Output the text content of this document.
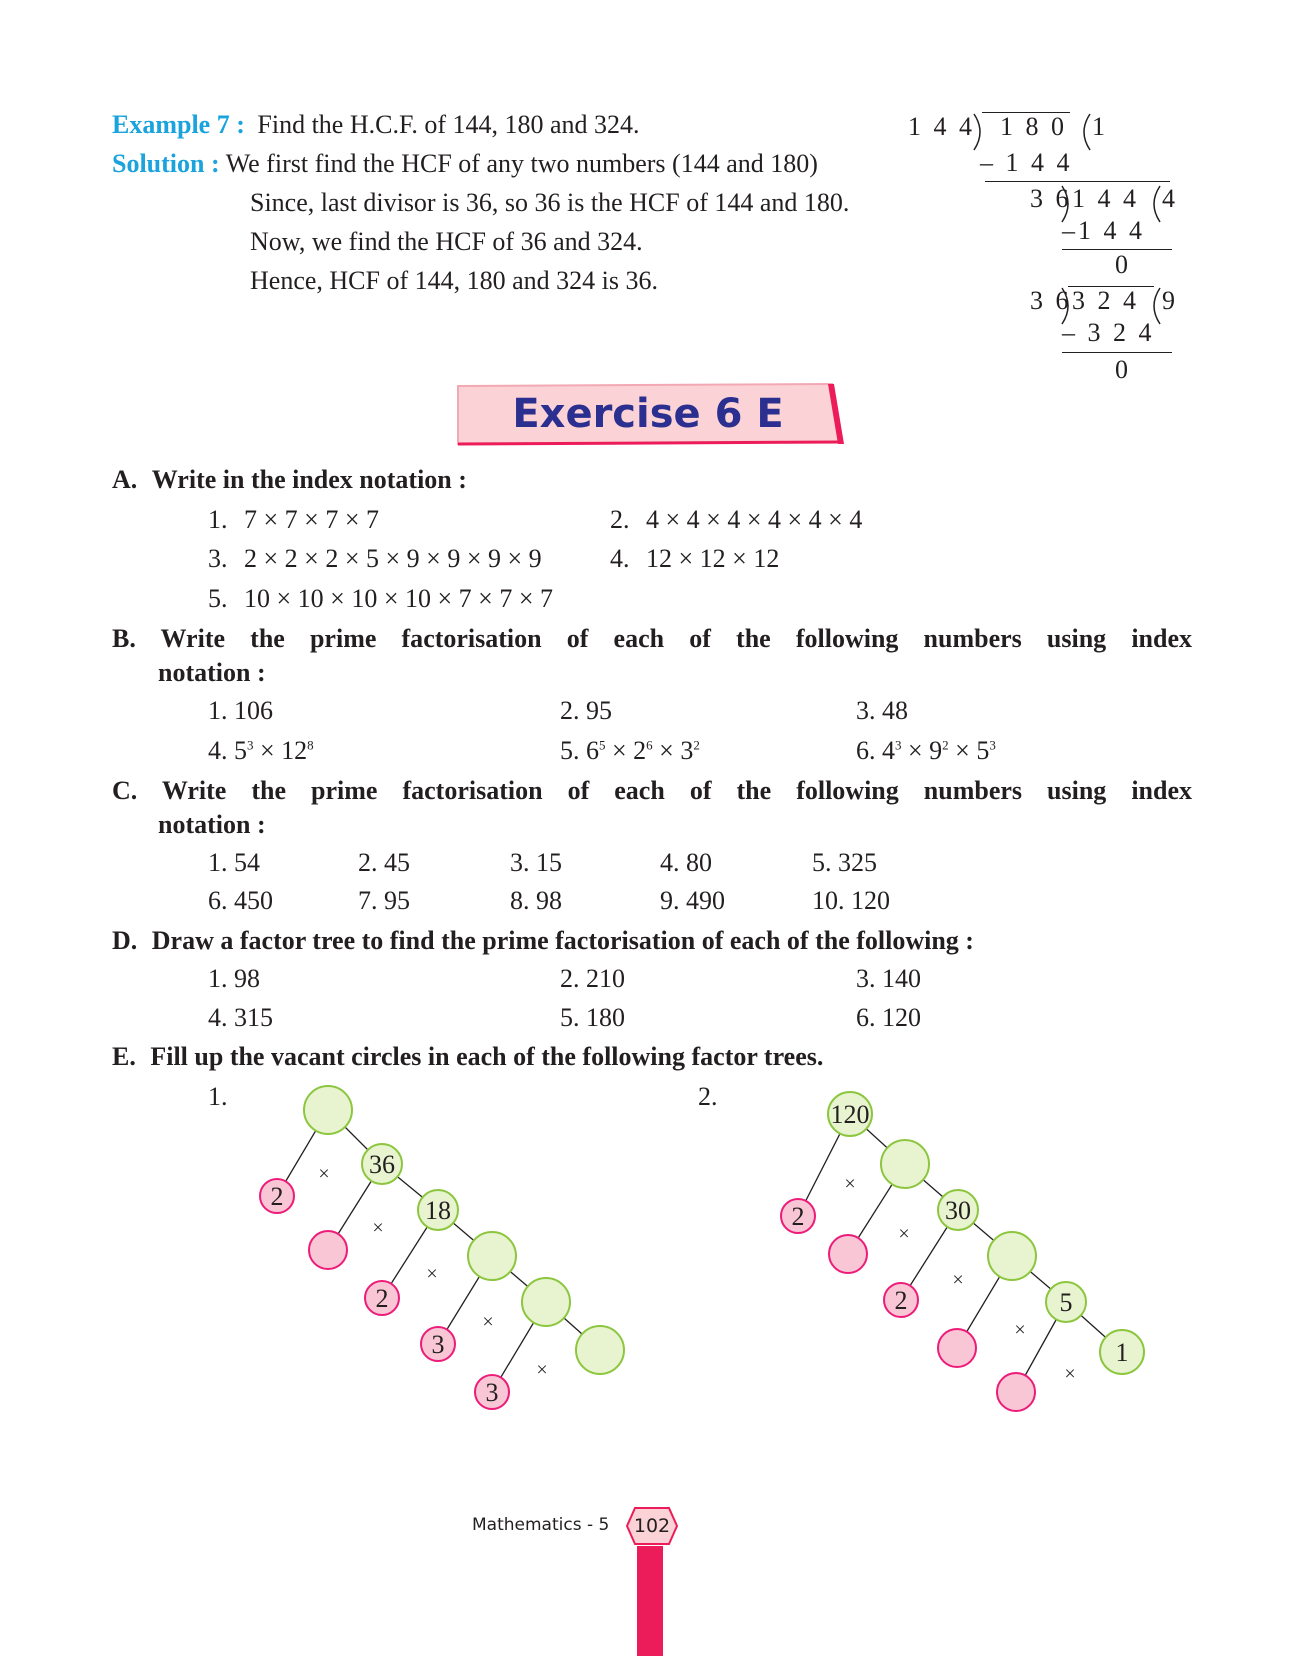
Example 7 : Find the H.C.F. of 144, 180 and 324.
Solution : We first find the HCF of any two numbers (144 and 180)
Since, last divisor is 36, so 36 is the HCF of 144 and 180.
Now, we find the HCF of 36 and 324.
Hence, HCF of 144, 180 and 324 is 36.
1 4 4 1 8 0 1
– 1 4 4
3 6 1 4 4 4
–1 4 4
0
3 6 3 2 4 9
– 3 2 4
0
Exercise 6 E
A. Write in the index notation :
1. 7 × 7 × 7 × 7	2. 4 × 4 × 4 × 4 × 4 × 4
3. 2 × 2 × 2 × 5 × 9 × 9 × 9 × 9	4. 12 × 12 × 12
5. 10 × 10 × 10 × 10 × 7 × 7 × 7
B. Write the prime factorisation of each of the following numbers using index
notation :
1. 106	2. 95	3. 48
4. $5^3 \times 12^8$	5. $6^5 \times 2^6 \times 3^2$	6. $4^3 \times 9^2 \times 5^3$
C. Write the prime factorisation of each of the following numbers using index
notation :
1. 54	2. 45	3. 15	4. 80	5. 325
6. 450	7. 95	8. 98	9. 490	10. 120
D. Draw a factor tree to find the prime factorisation of each of the following :
1. 98	2. 210	3. 140
4. 315	5. 180	6. 120
E. Fill up the vacant circles in each of the following factor trees.
1.	2.
36
18
2
2
3
3
×
×
×
×
×
120
30
5
1
2
2
×
×
×
×
×
Mathematics - 5	102
